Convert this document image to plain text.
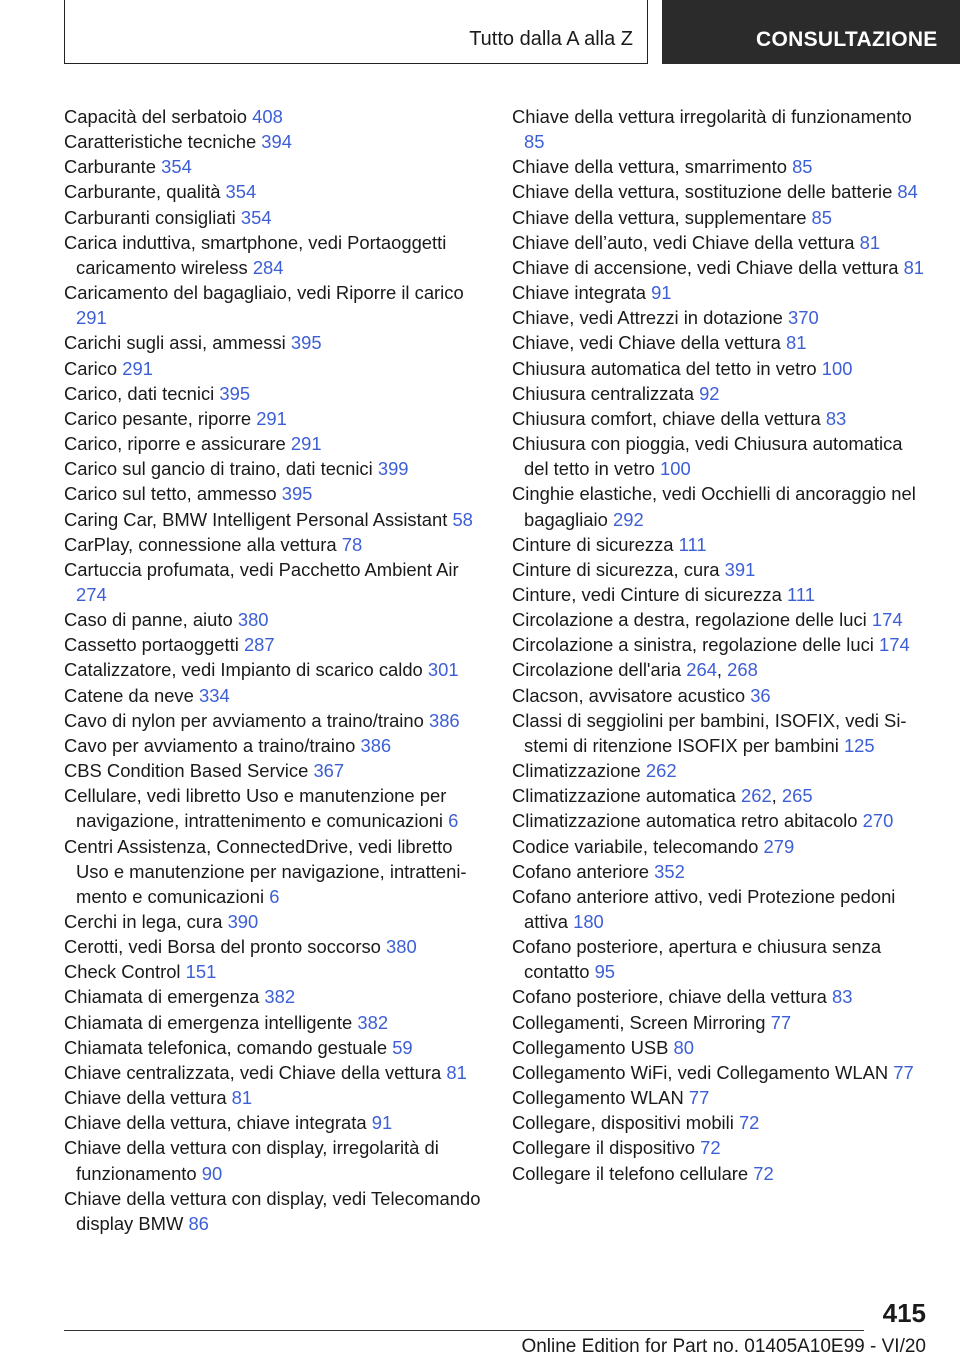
Tutto dalla A alla Z	CONSULTAZIONE
Capacità del serbatoio 408
Caratteristiche tecniche 394
Carburante 354
Carburante, qualità 354
Carburanti consigliati 354
Carica induttiva, smartphone, vedi Portaoggetti caricamento wireless 284
Caricamento del bagagliaio, vedi Riporre il carico 291
Carichi sugli assi, ammessi 395
Carico 291
Carico, dati tecnici 395
Carico pesante, riporre 291
Carico, riporre e assicurare 291
Carico sul gancio di traino, dati tecnici 399
Carico sul tetto, ammesso 395
Caring Car, BMW Intelligent Personal Assistant 58
CarPlay, connessione alla vettura 78
Cartuccia profumata, vedi Pacchetto Ambient Air 274
Caso di panne, aiuto 380
Cassetto portaoggetti 287
Catalizzatore, vedi Impianto di scarico caldo 301
Catene da neve 334
Cavo di nylon per avviamento a traino/traino 386
Cavo per avviamento a traino/traino 386
CBS Condition Based Service 367
Cellulare, vedi libretto Uso e manutenzione per navigazione, intrattenimento e comunicazioni 6
Centri Assistenza, ConnectedDrive, vedi libretto Uso e manutenzione per navigazione, intrattenimento e comunicazioni 6
Cerchi in lega, cura 390
Cerotti, vedi Borsa del pronto soccorso 380
Check Control 151
Chiamata di emergenza 382
Chiamata di emergenza intelligente 382
Chiamata telefonica, comando gestuale 59
Chiave centralizzata, vedi Chiave della vettura 81
Chiave della vettura 81
Chiave della vettura, chiave integrata 91
Chiave della vettura con display, irregolarità di funzionamento 90
Chiave della vettura con display, vedi Telecomando display BMW 86
Chiave della vettura irregolarità di funzionamento 85
Chiave della vettura, smarrimento 85
Chiave della vettura, sostituzione delle batterie 84
Chiave della vettura, supplementare 85
Chiave dell’auto, vedi Chiave della vettura 81
Chiave di accensione, vedi Chiave della vettura 81
Chiave integrata 91
Chiave, vedi Attrezzi in dotazione 370
Chiave, vedi Chiave della vettura 81
Chiusura automatica del tetto in vetro 100
Chiusura centralizzata 92
Chiusura comfort, chiave della vettura 83
Chiusura con pioggia, vedi Chiusura automatica del tetto in vetro 100
Cinghie elastiche, vedi Occhielli di ancoraggio nel bagagliaio 292
Cinture di sicurezza 111
Cinture di sicurezza, cura 391
Cinture, vedi Cinture di sicurezza 111
Circolazione a destra, regolazione delle luci 174
Circolazione a sinistra, regolazione delle luci 174
Circolazione dell'aria 264, 268
Clacson, avvisatore acustico 36
Classi di seggiolini per bambini, ISOFIX, vedi Sistemi di ritenzione ISOFIX per bambini 125
Climatizzazione 262
Climatizzazione automatica 262, 265
Climatizzazione automatica retro abitacolo 270
Codice variabile, telecomando 279
Cofano anteriore 352
Cofano anteriore attivo, vedi Protezione pedoni attiva 180
Cofano posteriore, apertura e chiusura senza contatto 95
Cofano posteriore, chiave della vettura 83
Collegamenti, Screen Mirroring 77
Collegamento USB 80
Collegamento WiFi, vedi Collegamento WLAN 77
Collegamento WLAN 77
Collegare, dispositivi mobili 72
Collegare il dispositivo 72
Collegare il telefono cellulare 72
415
Online Edition for Part no. 01405A10E99 - VI/20
